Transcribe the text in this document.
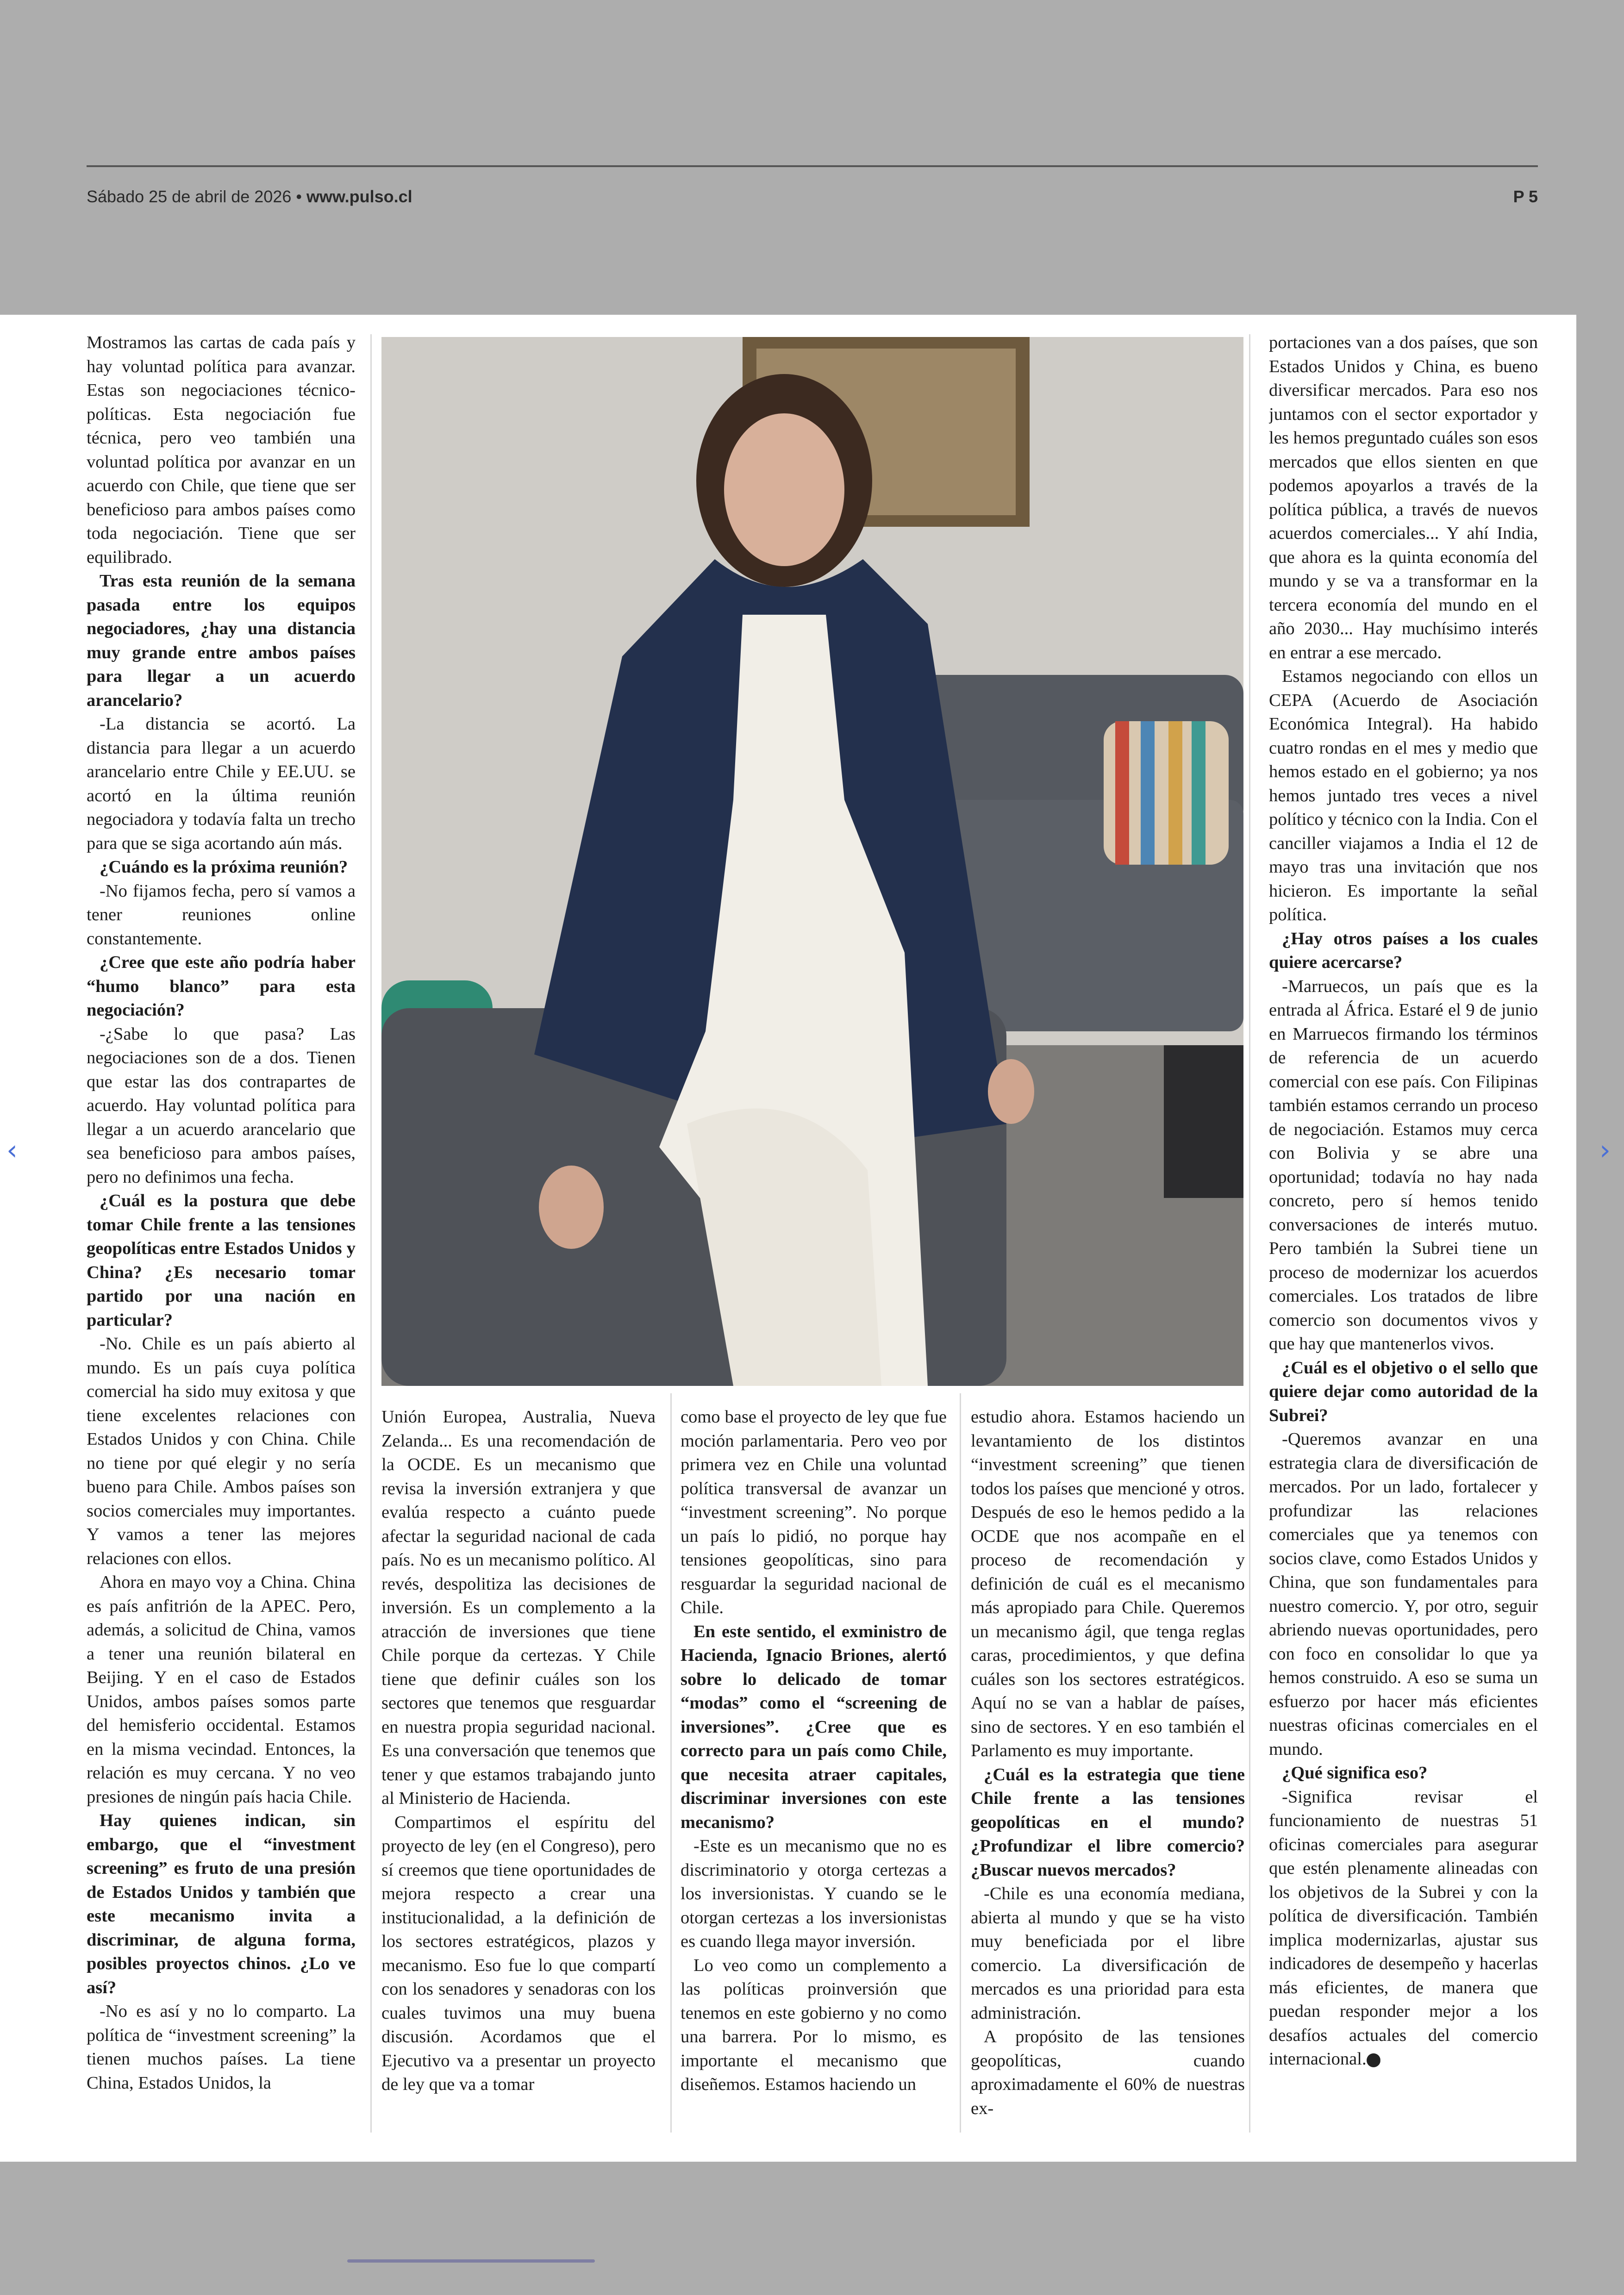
Sábado 25 de abril de 2026 • www.pulso.cl	P 5

Mostramos las cartas de cada país y hay voluntad política para avanzar. Estas son negociaciones técnico-políticas. Esta negociación fue técnica, pero veo también una voluntad política por avanzar en un acuerdo con Chile, que tiene que ser beneficioso para ambos países como toda negociación. Tiene que ser equilibrado.

Tras esta reunión de la semana pasada entre los equipos negociadores, ¿hay una distancia muy grande entre ambos países para llegar a un acuerdo arancelario?

-La distancia se acortó. La distancia para llegar a un acuerdo arancelario entre Chile y EE.UU. se acortó en la última reunión negociadora y todavía falta un trecho para que se siga acortando aún más.

¿Cuándo es la próxima reunión?

-No fijamos fecha, pero sí vamos a tener reuniones online constantemente.

¿Cree que este año podría haber “humo blanco” para esta negociación?

-¿Sabe lo que pasa? Las negociaciones son de a dos. Tienen que estar las dos contrapartes de acuerdo. Hay voluntad política para llegar a un acuerdo arancelario que sea beneficioso para ambos países, pero no definimos una fecha.

¿Cuál es la postura que debe tomar Chile frente a las tensiones geopolíticas entre Estados Unidos y China? ¿Es necesario tomar partido por una nación en particular?

-No. Chile es un país abierto al mundo. Es un país cuya política comercial ha sido muy exitosa y que tiene excelentes relaciones con Estados Unidos y con China. Chile no tiene por qué elegir y no sería bueno para Chile. Ambos países son socios comerciales muy importantes. Y vamos a tener las mejores relaciones con ellos.

Ahora en mayo voy a China. China es país anfitrión de la APEC. Pero, además, a solicitud de China, vamos a tener una reunión bilateral en Beijing. Y en el caso de Estados Unidos, ambos países somos parte del hemisferio occidental. Estamos en la misma vecindad. Entonces, la relación es muy cercana. Y no veo presiones de ningún país hacia Chile.

Hay quienes indican, sin embargo, que el “investment screening” es fruto de una presión de Estados Unidos y también que este mecanismo invita a discriminar, de alguna forma, posibles proyectos chinos. ¿Lo ve así?

-No es así y no lo comparto. La política de “investment screening” la tienen muchos países. La tiene China, Estados Unidos, la

Unión Europea, Australia, Nueva Zelanda... Es una recomendación de la OCDE. Es un mecanismo que revisa la inversión extranjera y que evalúa respecto a cuánto puede afectar la seguridad nacional de cada país. No es un mecanismo político. Al revés, despolitiza las decisiones de inversión. Es un complemento a la atracción de inversiones que tiene Chile porque da certezas. Y Chile tiene que definir cuáles son los sectores que tenemos que resguardar en nuestra propia seguridad nacional. Es una conversación que tenemos que tener y que estamos trabajando junto al Ministerio de Hacienda.

Compartimos el espíritu del proyecto de ley (en el Congreso), pero sí creemos que tiene oportunidades de mejora respecto a crear una institucionalidad, a la definición de los sectores estratégicos, plazos y mecanismo. Eso fue lo que compartí con los senadores y senadoras con los cuales tuvimos una muy buena discusión. Acordamos que el Ejecutivo va a presentar un proyecto de ley que va a tomar

como base el proyecto de ley que fue moción parlamentaria. Pero veo por primera vez en Chile una voluntad política transversal de avanzar un “investment screening”. No porque un país lo pidió, no porque hay tensiones geopolíticas, sino para resguardar la seguridad nacional de Chile.

En este sentido, el exministro de Hacienda, Ignacio Briones, alertó sobre lo delicado de tomar “modas” como el “screening de inversiones”. ¿Cree que es correcto para un país como Chile, que necesita atraer capitales, discriminar inversiones con este mecanismo?

-Este es un mecanismo que no es discriminatorio y otorga certezas a los inversionistas. Y cuando se le otorgan certezas a los inversionistas es cuando llega mayor inversión.

Lo veo como un complemento a las políticas proinversión que tenemos en este gobierno y no como una barrera. Por lo mismo, es importante el mecanismo que diseñemos. Estamos haciendo un

estudio ahora. Estamos haciendo un levantamiento de los distintos “investment screening” que tienen todos los países que mencioné y otros. Después de eso le hemos pedido a la OCDE que nos acompañe en el proceso de recomendación y definición de cuál es el mecanismo más apropiado para Chile. Queremos un mecanismo ágil, que tenga reglas caras, procedimientos, y que defina cuáles son los sectores estratégicos. Aquí no se van a hablar de países, sino de sectores. Y en eso también el Parlamento es muy importante.

¿Cuál es la estrategia que tiene Chile frente a las tensiones geopolíticas en el mundo? ¿Profundizar el libre comercio? ¿Buscar nuevos mercados?

-Chile es una economía mediana, abierta al mundo y que se ha visto muy beneficiada por el libre comercio. La diversificación de mercados es una prioridad para esta administración.

A propósito de las tensiones geopolíticas, cuando aproximadamente el 60% de nuestras ex-

portaciones van a dos países, que son Estados Unidos y China, es bueno diversificar mercados. Para eso nos juntamos con el sector exportador y les hemos preguntado cuáles son esos mercados que ellos sienten en que podemos apoyarlos a través de la política pública, a través de nuevos acuerdos comerciales... Y ahí India, que ahora es la quinta economía del mundo y se va a transformar en la tercera economía del mundo en el año 2030... Hay muchísimo interés en entrar a ese mercado.

Estamos negociando con ellos un CEPA (Acuerdo de Asociación Económica Integral). Ha habido cuatro rondas en el mes y medio que hemos estado en el gobierno; ya nos hemos juntado tres veces a nivel político y técnico con la India. Con el canciller viajamos a India el 12 de mayo tras una invitación que nos hicieron. Es importante la señal política.

¿Hay otros países a los cuales quiere acercarse?

-Marruecos, un país que es la entrada al África. Estaré el 9 de junio en Marruecos firmando los términos de referencia de un acuerdo comercial con ese país. Con Filipinas también estamos cerrando un proceso de negociación. Estamos muy cerca con Bolivia y se abre una oportunidad; todavía no hay nada concreto, pero sí hemos tenido conversaciones de interés mutuo. Pero también la Subrei tiene un proceso de modernizar los acuerdos comerciales. Los tratados de libre comercio son documentos vivos y que hay que mantenerlos vivos.

¿Cuál es el objetivo o el sello que quiere dejar como autoridad de la Subrei?

-Queremos avanzar en una estrategia clara de diversificación de mercados. Por un lado, fortalecer y profundizar las relaciones comerciales que ya tenemos con socios clave, como Estados Unidos y China, que son fundamentales para nuestro comercio. Y, por otro, seguir abriendo nuevas oportunidades, pero con foco en consolidar lo que ya hemos construido. A eso se suma un esfuerzo por hacer más eficientes nuestras oficinas comerciales en el mundo.

¿Qué significa eso?

-Significa revisar el funcionamiento de nuestras 51 oficinas comerciales para asegurar que estén plenamente alineadas con los objetivos de la Subrei y con la política de diversificación. También implica modernizarlas, ajustar sus indicadores de desempeño y hacerlas más eficientes, de manera que puedan responder mejor a los desafíos actuales del comercio internacional. P

‹	›
